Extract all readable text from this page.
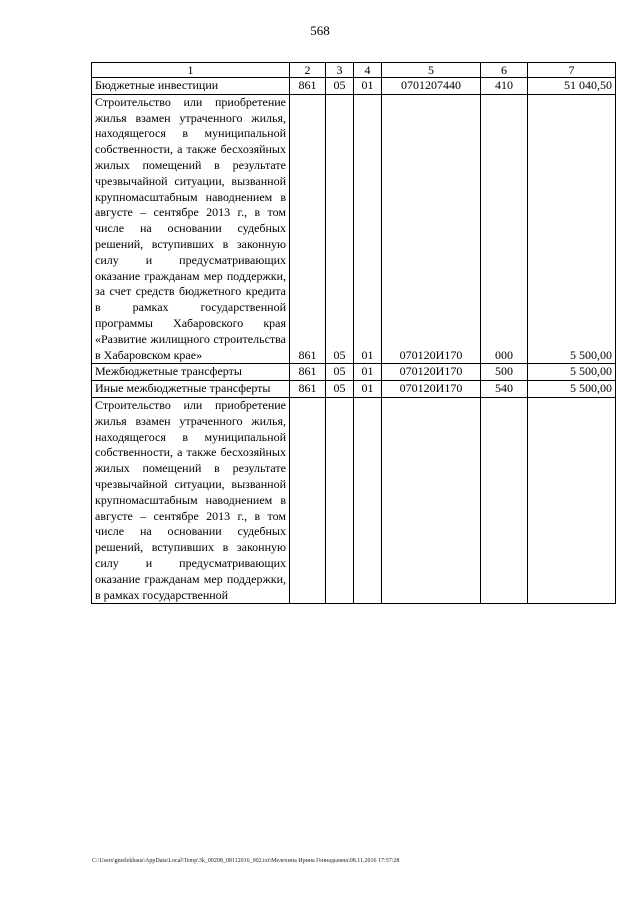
568
1	2	3	4	5	6	7
Бюджетные инвестиции	861	05	01	0701207440	410	51 040,50
Строительство или приобретение жилья взамен утраченного жилья, находящегося в муниципальной собственности, а также бесхозяйных жилых помещений в результате чрезвычайной ситуации, вызванной крупномасштабным наводнением в августе – сентябре 2013 г., в том числе на основании судебных решений, вступивших в законную силу и предусматривающих оказание гражданам мер поддержки, за счет средств бюджетного кредита в рамках государственной программы Хабаровского края «Развитие жилищного строительства в Хабаровском крае»	861	05	01	070120И170	000	5 500,00
Межбюджетные трансферты	861	05	01	070120И170	500	5 500,00
Иные межбюджетные трансферты	861	05	01	070120И170	540	5 500,00
Строительство или приобретение жилья взамен утраченного жилья, находящегося в муниципальной собственности, а также бесхозяйных жилых помещений в результате чрезвычайной ситуации, вызванной крупномасштабным наводнением в августе – сентябре 2013 г., в том числе на основании судебных решений, вступивших в законную силу и предусматривающих оказание гражданам мер поддержки, в рамках государственной						
C:\Users\gmelekhaus\AppData\Local\Temp\3k_00208_08112016_002.txt\Мелехина Ирина Геннадьевна\08.11.2016 17:57:28
